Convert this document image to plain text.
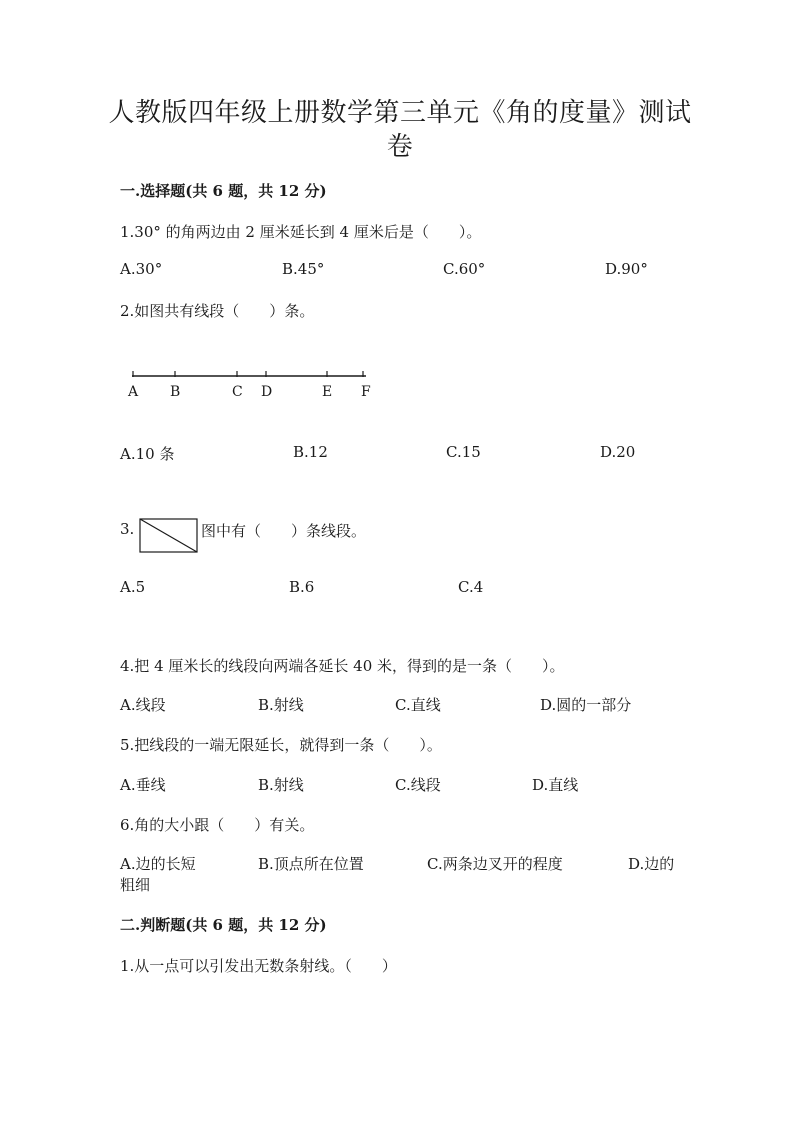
人教版四年级上册数学第三单元《角的度量》测试
卷
一.选择题(共 6 题，共 12 分)
1.30° 的角两边由 2 厘米延长到 4 厘米后是（　　）。
A.30°	B.45°	C.60°	D.90°
2.如图共有线段（　　）条。
A B	C D	E F
A.10 条	B.12	C.15	D.20
3.	图中有（　　）条线段。
A.5	B.6	C.4
4.把 4 厘米长的线段向两端各延长 40 米，得到的是一条（　　）。
A.线段	B.射线	C.直线	D.圆的一部分
5.把线段的一端无限延长，就得到一条（　　）。
A.垂线	B.射线	C.线段	D.直线
6.角的大小跟（　　）有关。
A.边的长短	B.顶点所在位置	C.两条边叉开的程度	D.边的
粗细
二.判断题(共 6 题，共 12 分)
1.从一点可以引发出无数条射线。（　　）
